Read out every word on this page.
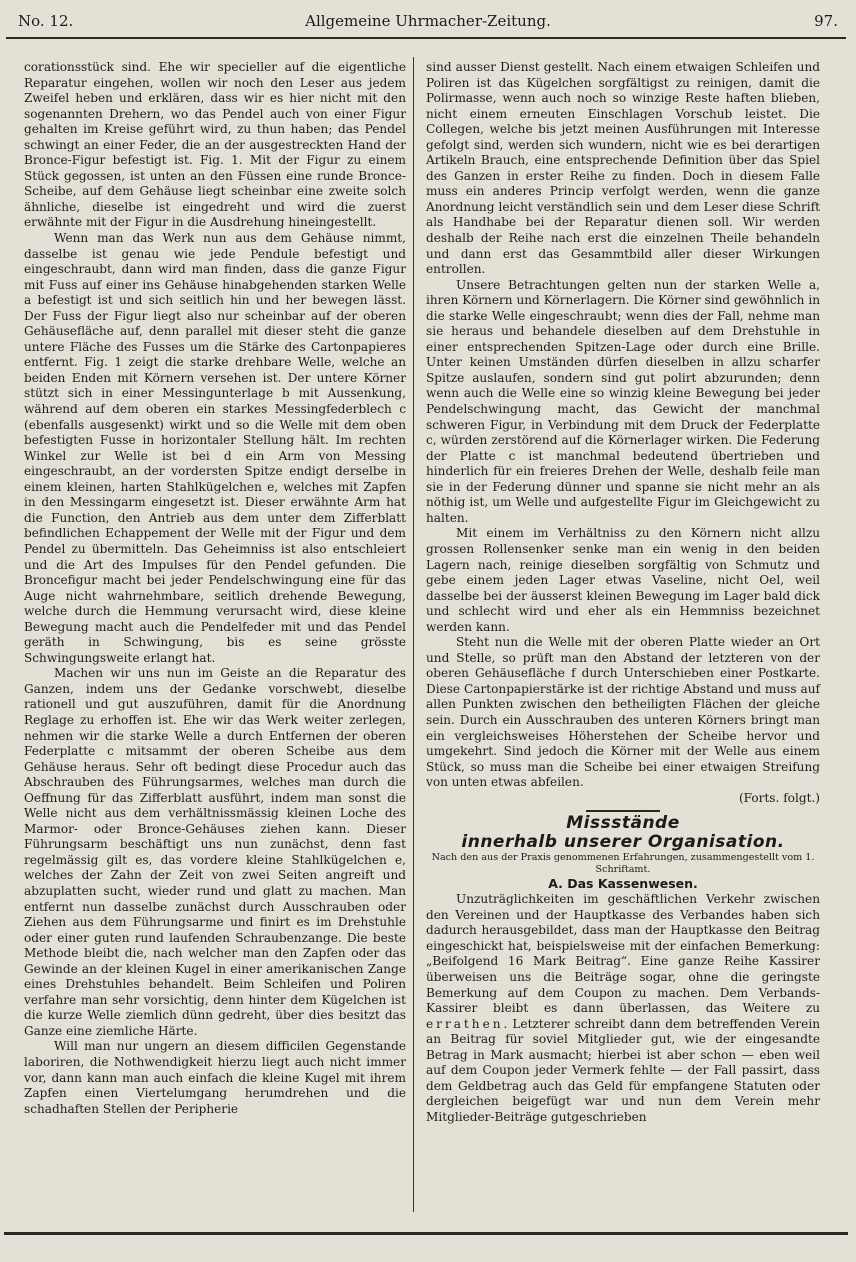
No. 12.	Allgemeine Uhrmacher-Zeitung.	97.

corationsstück sind. Ehe wir specieller auf die eigentliche Reparatur eingehen, wollen wir noch den Leser aus jedem Zweifel heben und erklären, dass wir es hier nicht mit den sogenannten Drehern, wo das Pendel auch von einer Figur gehalten im Kreise geführt wird, zu thun haben; das Pendel schwingt an einer Feder, die an der ausgestreckten Hand der Bronce-Figur befestigt ist. Fig. 1. Mit der Figur zu einem Stück gegossen, ist unten an den Füssen eine runde Bronce-Scheibe, auf dem Gehäuse liegt scheinbar eine zweite solch ähnliche, dieselbe ist eingedreht und wird die zuerst erwähnte mit der Figur in die Ausdrehung hineingestellt.

Wenn man das Werk nun aus dem Gehäuse nimmt, dasselbe ist genau wie jede Pendule befestigt und eingeschraubt, dann wird man finden, dass die ganze Figur mit Fuss auf einer ins Gehäuse hinabgehenden starken Welle a befestigt ist und sich seitlich hin und her bewegen lässt. Der Fuss der Figur liegt also nur scheinbar auf der oberen Gehäusefläche auf, denn parallel mit dieser steht die ganze untere Fläche des Fusses um die Stärke des Cartonpapieres entfernt. Fig. 1 zeigt die starke drehbare Welle, welche an beiden Enden mit Körnern versehen ist. Der untere Körner stützt sich in einer Messingunterlage b mit Aussenkung, während auf dem oberen ein starkes Messingfederblech c (ebenfalls ausgesenkt) wirkt und so die Welle mit dem oben befestigten Fusse in horizontaler Stellung hält. Im rechten Winkel zur Welle ist bei d ein Arm von Messing eingeschraubt, an der vordersten Spitze endigt derselbe in einem kleinen, harten Stahlkügelchen e, welches mit Zapfen in den Messingarm eingesetzt ist. Dieser erwähnte Arm hat die Function, den Antrieb aus dem unter dem Zifferblatt befindlichen Echappement der Welle mit der Figur und dem Pendel zu übermitteln. Das Geheimniss ist also entschleiert und die Art des Impulses für den Pendel gefunden. Die Broncefigur macht bei jeder Pendelschwingung eine für das Auge nicht wahrnehmbare, seitlich drehende Bewegung, welche durch die Hemmung verursacht wird, diese kleine Bewegung macht auch die Pendelfeder mit und das Pendel geräth in Schwingung, bis es seine grösste Schwingungsweite erlangt hat.

Machen wir uns nun im Geiste an die Reparatur des Ganzen, indem uns der Gedanke vorschwebt, dieselbe rationell und gut auszuführen, damit für die Anordnung Reglage zu erhoffen ist. Ehe wir das Werk weiter zerlegen, nehmen wir die starke Welle a durch Entfernen der oberen Federplatte c mitsammt der oberen Scheibe aus dem Gehäuse heraus. Sehr oft bedingt diese Procedur auch das Abschrauben des Führungsarmes, welches man durch die Oeffnung für das Zifferblatt ausführt, indem man sonst die Welle nicht aus dem verhältnissmässig kleinen Loche des Marmor- oder Bronce-Gehäuses ziehen kann. Dieser Führungsarm beschäftigt uns nun zunächst, denn fast regelmässig gilt es, das vordere kleine Stahlkügelchen e, welches der Zahn der Zeit von zwei Seiten angreift und abzuplatten sucht, wieder rund und glatt zu machen. Man entfernt nun dasselbe zunächst durch Ausschrauben oder Ziehen aus dem Führungsarme und finirt es im Drehstuhle oder einer guten rund laufenden Schraubenzange. Die beste Methode bleibt die, nach welcher man den Zapfen oder das Gewinde an der kleinen Kugel in einer amerikanischen Zange eines Drehstuhles behandelt. Beim Schleifen und Poliren verfahre man sehr vorsichtig, denn hinter dem Kügelchen ist die kurze Welle ziemlich dünn gedreht, über dies besitzt das Ganze eine ziemliche Härte.

Will man nur ungern an diesem difficilen Gegenstande laboriren, die Nothwendigkeit hierzu liegt auch nicht immer vor, dann kann man auch einfach die kleine Kugel mit ihrem Zapfen einen Viertelumgang herumdrehen und die schadhaften Stellen der Peripherie

sind ausser Dienst gestellt. Nach einem etwaigen Schleifen und Poliren ist das Kügelchen sorgfältigst zu reinigen, damit die Polirmasse, wenn auch noch so winzige Reste haften blieben, nicht einem erneuten Einschlagen Vorschub leistet. Die Collegen, welche bis jetzt meinen Ausführungen mit Interesse gefolgt sind, werden sich wundern, nicht wie es bei derartigen Artikeln Brauch, eine entsprechende Definition über das Spiel des Ganzen in erster Reihe zu finden. Doch in diesem Falle muss ein anderes Princip verfolgt werden, wenn die ganze Anordnung leicht verständlich sein und dem Leser diese Schrift als Handhabe bei der Reparatur dienen soll. Wir werden deshalb der Reihe nach erst die einzelnen Theile behandeln und dann erst das Gesammtbild aller dieser Wirkungen entrollen.

Unsere Betrachtungen gelten nun der starken Welle a, ihren Körnern und Körnerlagern. Die Körner sind gewöhnlich in die starke Welle eingeschraubt; wenn dies der Fall, nehme man sie heraus und behandele dieselben auf dem Drehstuhle in einer entsprechenden Spitzen-Lage oder durch eine Brille. Unter keinen Umständen dürfen dieselben in allzu scharfer Spitze auslaufen, sondern sind gut polirt abzurunden; denn wenn auch die Welle eine so winzig kleine Bewegung bei jeder Pendelschwingung macht, das Gewicht der manchmal schweren Figur, in Verbindung mit dem Druck der Federplatte c, würden zerstörend auf die Körnerlager wirken. Die Federung der Platte c ist manchmal bedeutend übertrieben und hinderlich für ein freieres Drehen der Welle, deshalb feile man sie in der Federung dünner und spanne sie nicht mehr an als nöthig ist, um Welle und aufgestellte Figur im Gleichgewicht zu halten.

Mit einem im Verhältniss zu den Körnern nicht allzu grossen Rollensenker senke man ein wenig in den beiden Lagern nach, reinige dieselben sorgfältig von Schmutz und gebe einem jeden Lager etwas Vaseline, nicht Oel, weil dasselbe bei der äusserst kleinen Bewegung im Lager bald dick und schlecht wird und eher als ein Hemmniss bezeichnet werden kann.

Steht nun die Welle mit der oberen Platte wieder an Ort und Stelle, so prüft man den Abstand der letzteren von der oberen Gehäusefläche f durch Unterschieben einer Postkarte. Diese Cartonpapierstärke ist der richtige Abstand und muss auf allen Punkten zwischen den betheiligten Flächen der gleiche sein. Durch ein Ausschrauben des unteren Körners bringt man ein vergleichsweises Höherstehen der Scheibe hervor und umgekehrt. Sind jedoch die Körner mit der Welle aus einem Stück, so muss man die Scheibe bei einer etwaigen Streifung von unten etwas abfeilen.

(Forts. folgt.)

Missstände
innerhalb unserer Organisation.

Nach den aus der Praxis genommenen Erfahrungen, zusammengestellt vom 1. Schriftamt.

A. Das Kassenwesen.

Unzuträglichkeiten im geschäftlichen Verkehr zwischen den Vereinen und der Hauptkasse des Verbandes haben sich dadurch herausgebildet, dass man der Hauptkasse den Beitrag eingeschickt hat, beispielsweise mit der einfachen Bemerkung: „Beifolgend 16 Mark Beitrag“. Eine ganze Reihe Kassirer überweisen uns die Beiträge sogar, ohne die geringste Bemerkung auf dem Coupon zu machen. Dem Verbands-Kassirer bleibt es dann überlassen, das Weitere zu errathen. Letzterer schreibt dann dem betreffenden Verein an Beitrag für soviel Mitglieder gut, wie der eingesandte Betrag in Mark ausmacht; hierbei ist aber schon — eben weil auf dem Coupon jeder Vermerk fehlte — der Fall passirt, dass dem Geldbetrag auch das Geld für empfangene Statuten oder dergleichen beigefügt war und nun dem Verein mehr Mitglieder-Beiträge gutgeschrieben
